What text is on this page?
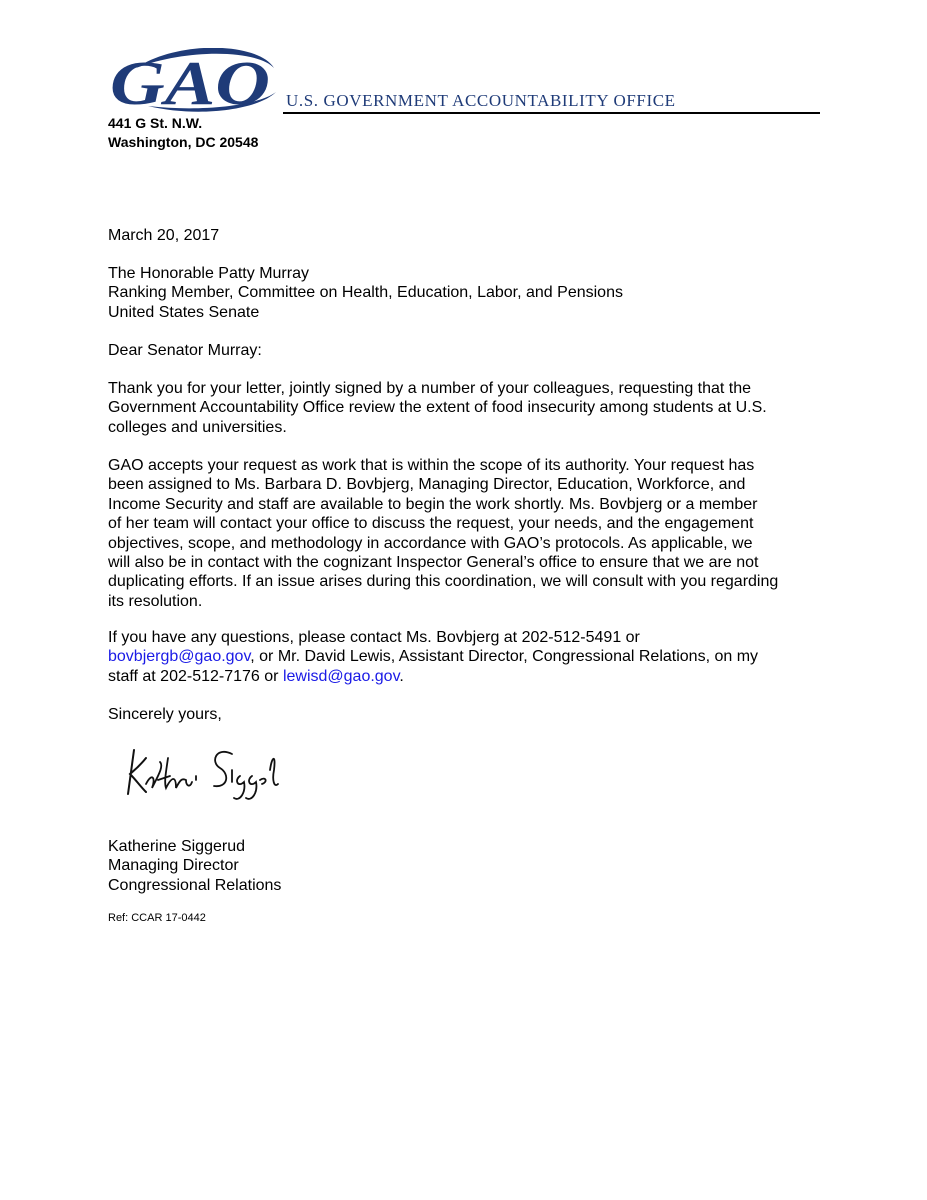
GAO U.S. GOVERNMENT ACCOUNTABILITY OFFICE
441 G St. N.W.
Washington, DC 20548
March 20, 2017
The Honorable Patty Murray
Ranking Member, Committee on Health, Education, Labor, and Pensions
United States Senate
Dear Senator Murray:
Thank you for your letter, jointly signed by a number of your colleagues, requesting that the
Government Accountability Office review the extent of food insecurity among students at U.S.
colleges and universities.
GAO accepts your request as work that is within the scope of its authority. Your request has
been assigned to Ms. Barbara D. Bovbjerg, Managing Director, Education, Workforce, and
Income Security and staff are available to begin the work shortly. Ms. Bovbjerg or a member
of her team will contact your office to discuss the request, your needs, and the engagement
objectives, scope, and methodology in accordance with GAO’s protocols. As applicable, we
will also be in contact with the cognizant Inspector General’s office to ensure that we are not
duplicating efforts. If an issue arises during this coordination, we will consult with you regarding
its resolution.
If you have any questions, please contact Ms. Bovbjerg at 202-512-5491 or
bovbjergb@gao.gov, or Mr. David Lewis, Assistant Director, Congressional Relations, on my
staff at 202-512-7176 or lewisd@gao.gov.
Sincerely yours,
Katherine Siggerud
Managing Director
Congressional Relations
Ref: CCAR 17-0442
